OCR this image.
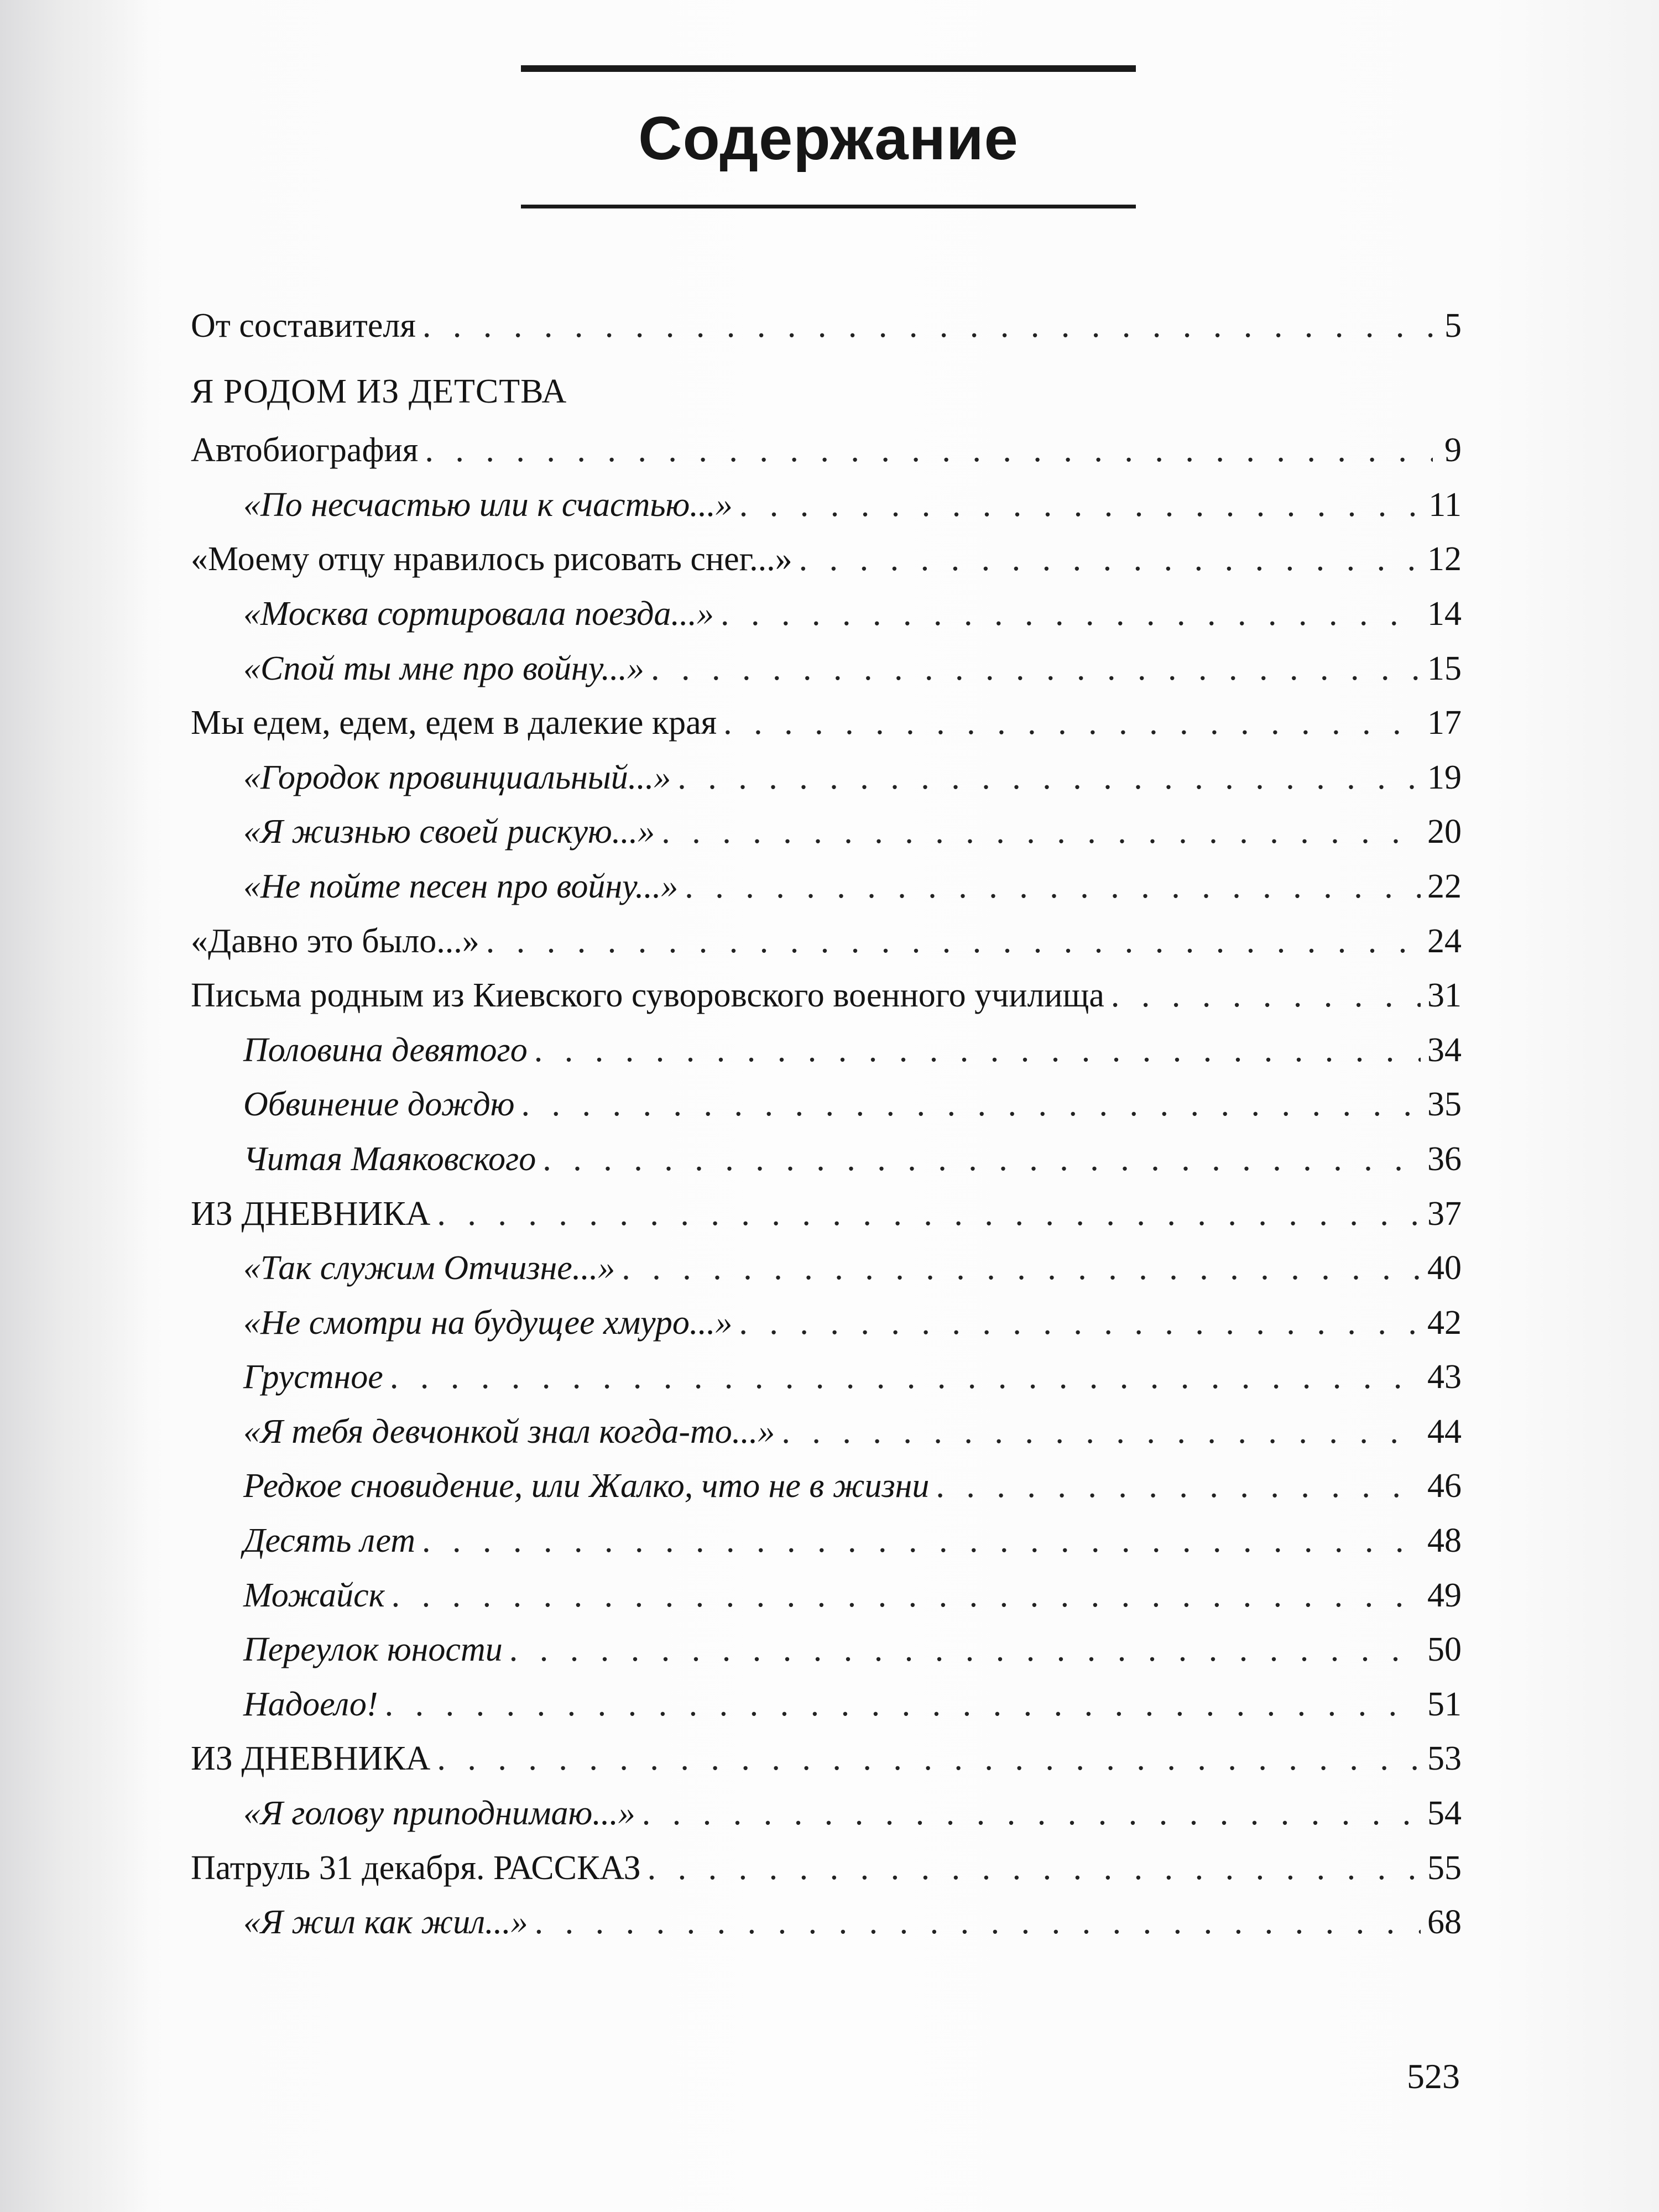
Содержание
От составителя . . .	5
Я РОДОМ ИЗ ДЕТСТВА
Автобиография . . .	9
«По несчастью или к счастью...» . . .	11
«Моему отцу нравилось рисовать снег...» . . .	12
«Москва сортировала поезда...» . . .	14
«Спой ты мне про войну...» . . .	15
Мы едем, едем, едем в далекие края . . .	17
«Городок провинциальный...» . . .	19
«Я жизнью своей рискую...» . . .	20
«Не пойте песен про войну...» . . .	22
«Давно это было...» . . .	24
Письма родным из Киевского суворовского военного училища . . .	31
Половина девятого . . .	34
Обвинение дождю . . .	35
Читая Маяковского . . .	36
ИЗ ДНЕВНИКА . . .	37
«Так служим Отчизне...» . . .	40
«Не смотри на будущее хмуро...» . . .	42
Грустное . . .	43
«Я тебя девчонкой знал когда-то...» . . .	44
Редкое сновидение, или Жалко, что не в жизни . . .	46
Десять лет . . .	48
Можайск . . .	49
Переулок юности . . .	50
Надоело! . . .	51
ИЗ ДНЕВНИКА . . .	53
«Я голову приподнимаю...» . . .	54
Патруль 31 декабря. РАССКАЗ . . .	55
«Я жил как жил...» . . .	68
523
